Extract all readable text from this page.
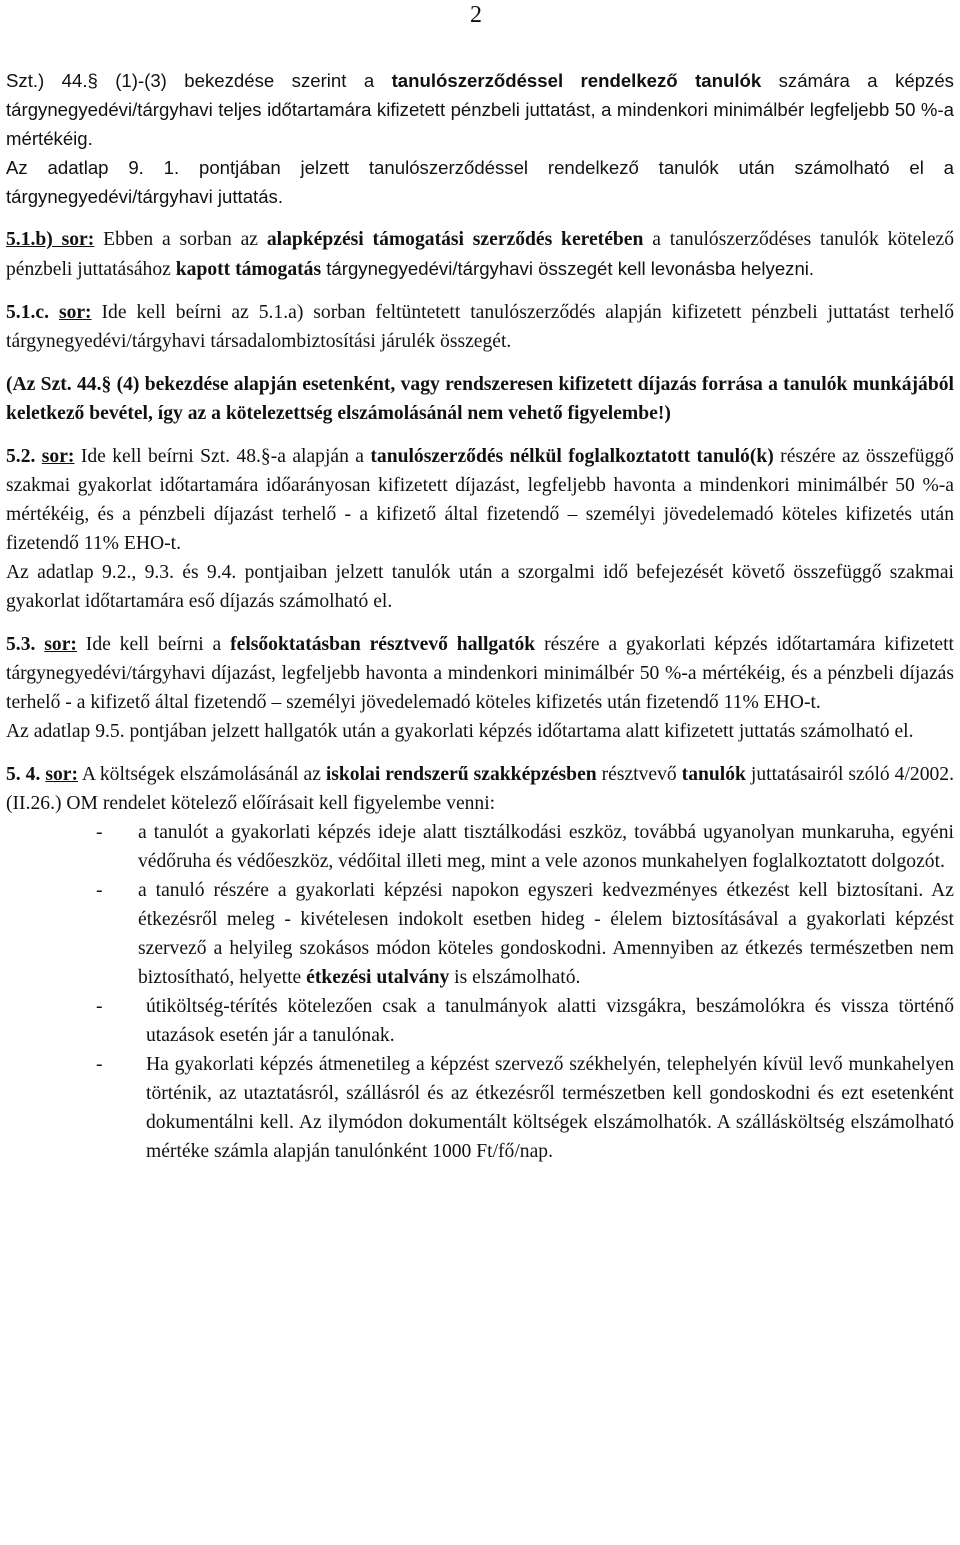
2

Szt.) 44.§ (1)-(3) bekezdése szerint a tanulószerződéssel rendelkező tanulók számára a képzés tárgynegyedévi/tárgyhavi teljes időtartamára kifizetett pénzbeli juttatást, a mindenkori minimálbér legfeljebb 50 %-a mértékéig.

Az adatlap 9. 1. pontjában jelzett tanulószerződéssel rendelkező tanulók után számolható el a tárgynegyedévi/tárgyhavi juttatás.

5.1.b) sor: Ebben a sorban az alapképzési támogatási szerződés keretében a tanulószerződéses tanulók kötelező pénzbeli juttatásához kapott támogatás tárgynegyedévi/tárgyhavi összegét kell levonásba helyezni.

5.1.c. sor: Ide kell beírni az 5.1.a) sorban feltüntetett tanulószerződés alapján kifizetett pénzbeli juttatást terhelő tárgynegyedévi/tárgyhavi társadalombiztosítási járulék összegét.

(Az Szt. 44.§ (4) bekezdése alapján esetenként, vagy rendszeresen kifizetett díjazás forrása a tanulók munkájából keletkező bevétel, így az a kötelezettség elszámolásánál nem vehető figyelembe!)

5.2. sor: Ide kell beírni Szt. 48.§-a alapján a tanulószerződés nélkül foglalkoztatott tanuló(k) részére az összefüggő szakmai gyakorlat időtartamára időarányosan kifizetett díjazást, legfeljebb havonta a mindenkori minimálbér 50 %-a mértékéig, és a pénzbeli díjazást terhelő - a kifizető által fizetendő – személyi jövedelemadó köteles kifizetés után fizetendő 11% EHO-t.

Az adatlap 9.2., 9.3. és 9.4. pontjaiban jelzett tanulók után a szorgalmi idő befejezését követő összefüggő szakmai gyakorlat időtartamára eső díjazás számolható el.

5.3. sor: Ide kell beírni a felsőoktatásban résztvevő hallgatók részére a gyakorlati képzés időtartamára kifizetett tárgynegyedévi/tárgyhavi díjazást, legfeljebb havonta a mindenkori minimálbér 50 %-a mértékéig, és a pénzbeli díjazás terhelő - a kifizető által fizetendő – személyi jövedelemadó köteles kifizetés után fizetendő 11% EHO-t.

Az adatlap 9.5. pontjában jelzett hallgatók után a gyakorlati képzés időtartama alatt kifizetett juttatás számolható el.

5. 4. sor: A költségek elszámolásánál az iskolai rendszerű szakképzésben résztvevő tanulók juttatásairól szóló 4/2002.(II.26.) OM rendelet kötelező előírásait kell figyelembe venni:

- a tanulót a gyakorlati képzés ideje alatt tisztálkodási eszköz, továbbá ugyanolyan munkaruha, egyéni védőruha és védőeszköz, védőital illeti meg, mint a vele azonos munkahelyen foglalkoztatott dolgozót.
- a tanuló részére a gyakorlati képzési napokon egyszeri kedvezményes étkezést kell biztosítani. Az étkezésről meleg - kivételesen indokolt esetben hideg - élelem biztosításával a gyakorlati képzést szervező a helyileg szokásos módon köteles gondoskodni. Amennyiben az étkezés természetben nem biztosítható, helyette étkezési utalvány is elszámolható.
- útiköltség-térítés kötelezően csak a tanulmányok alatti vizsgákra, beszámolókra és vissza történő utazások esetén jár a tanulónak.
- Ha gyakorlati képzés átmenetileg a képzést szervező székhelyén, telephelyén kívül levő munkahelyen történik, az utaztatásról, szállásról és az étkezésről természetben kell gondoskodni és ezt esetenként dokumentálni kell. Az ilymódon dokumentált költségek elszámolhatók. A szállásköltség elszámolható mértéke számla alapján tanulónként 1000 Ft/fő/nap.
